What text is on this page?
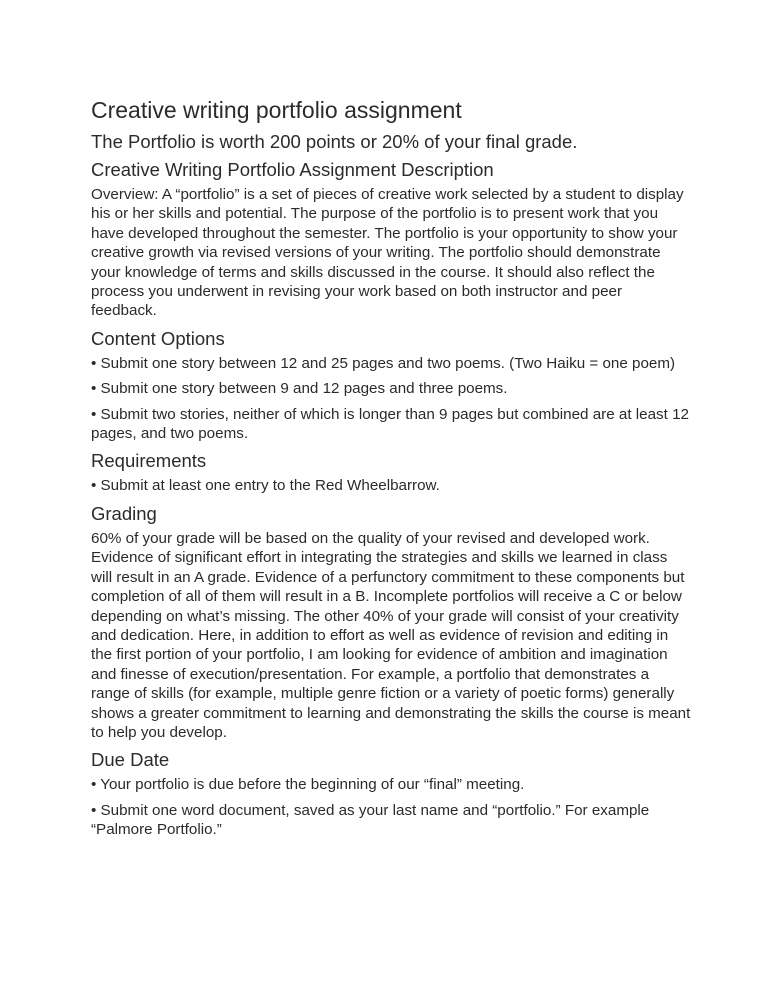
Creative writing portfolio assignment

The Portfolio is worth 200 points or 20% of your final grade.

Creative Writing Portfolio Assignment Description

Overview: A “portfolio” is a set of pieces of creative work selected by a student to display his or her skills and potential. The purpose of the portfolio is to present work that you have developed throughout the semester. The portfolio is your opportunity to show your creative growth via revised versions of your writing. The portfolio should demonstrate your knowledge of terms and skills discussed in the course. It should also reflect the process you underwent in revising your work based on both instructor and peer feedback.

Content Options

• Submit one story between 12 and 25 pages and two poems. (Two Haiku = one poem)

• Submit one story between 9 and 12 pages and three poems.

• Submit two stories, neither of which is longer than 9 pages but combined are at least 12 pages, and two poems.

Requirements

• Submit at least one entry to the Red Wheelbarrow.

Grading

60% of your grade will be based on the quality of your revised and developed work. Evidence of significant effort in integrating the strategies and skills we learned in class will result in an A grade. Evidence of a perfunctory commitment to these components but completion of all of them will result in a B. Incomplete portfolios will receive a C or below depending on what’s missing. The other 40% of your grade will consist of your creativity and dedication. Here, in addition to effort as well as evidence of revision and editing in the first portion of your portfolio, I am looking for evidence of ambition and imagination and finesse of execution/presentation. For example, a portfolio that demonstrates a range of skills (for example, multiple genre fiction or a variety of poetic forms) generally shows a greater commitment to learning and demonstrating the skills the course is meant to help you develop.

Due Date

• Your portfolio is due before the beginning of our “final” meeting.

• Submit one word document, saved as your last name and “portfolio.” For example “Palmore Portfolio.”
